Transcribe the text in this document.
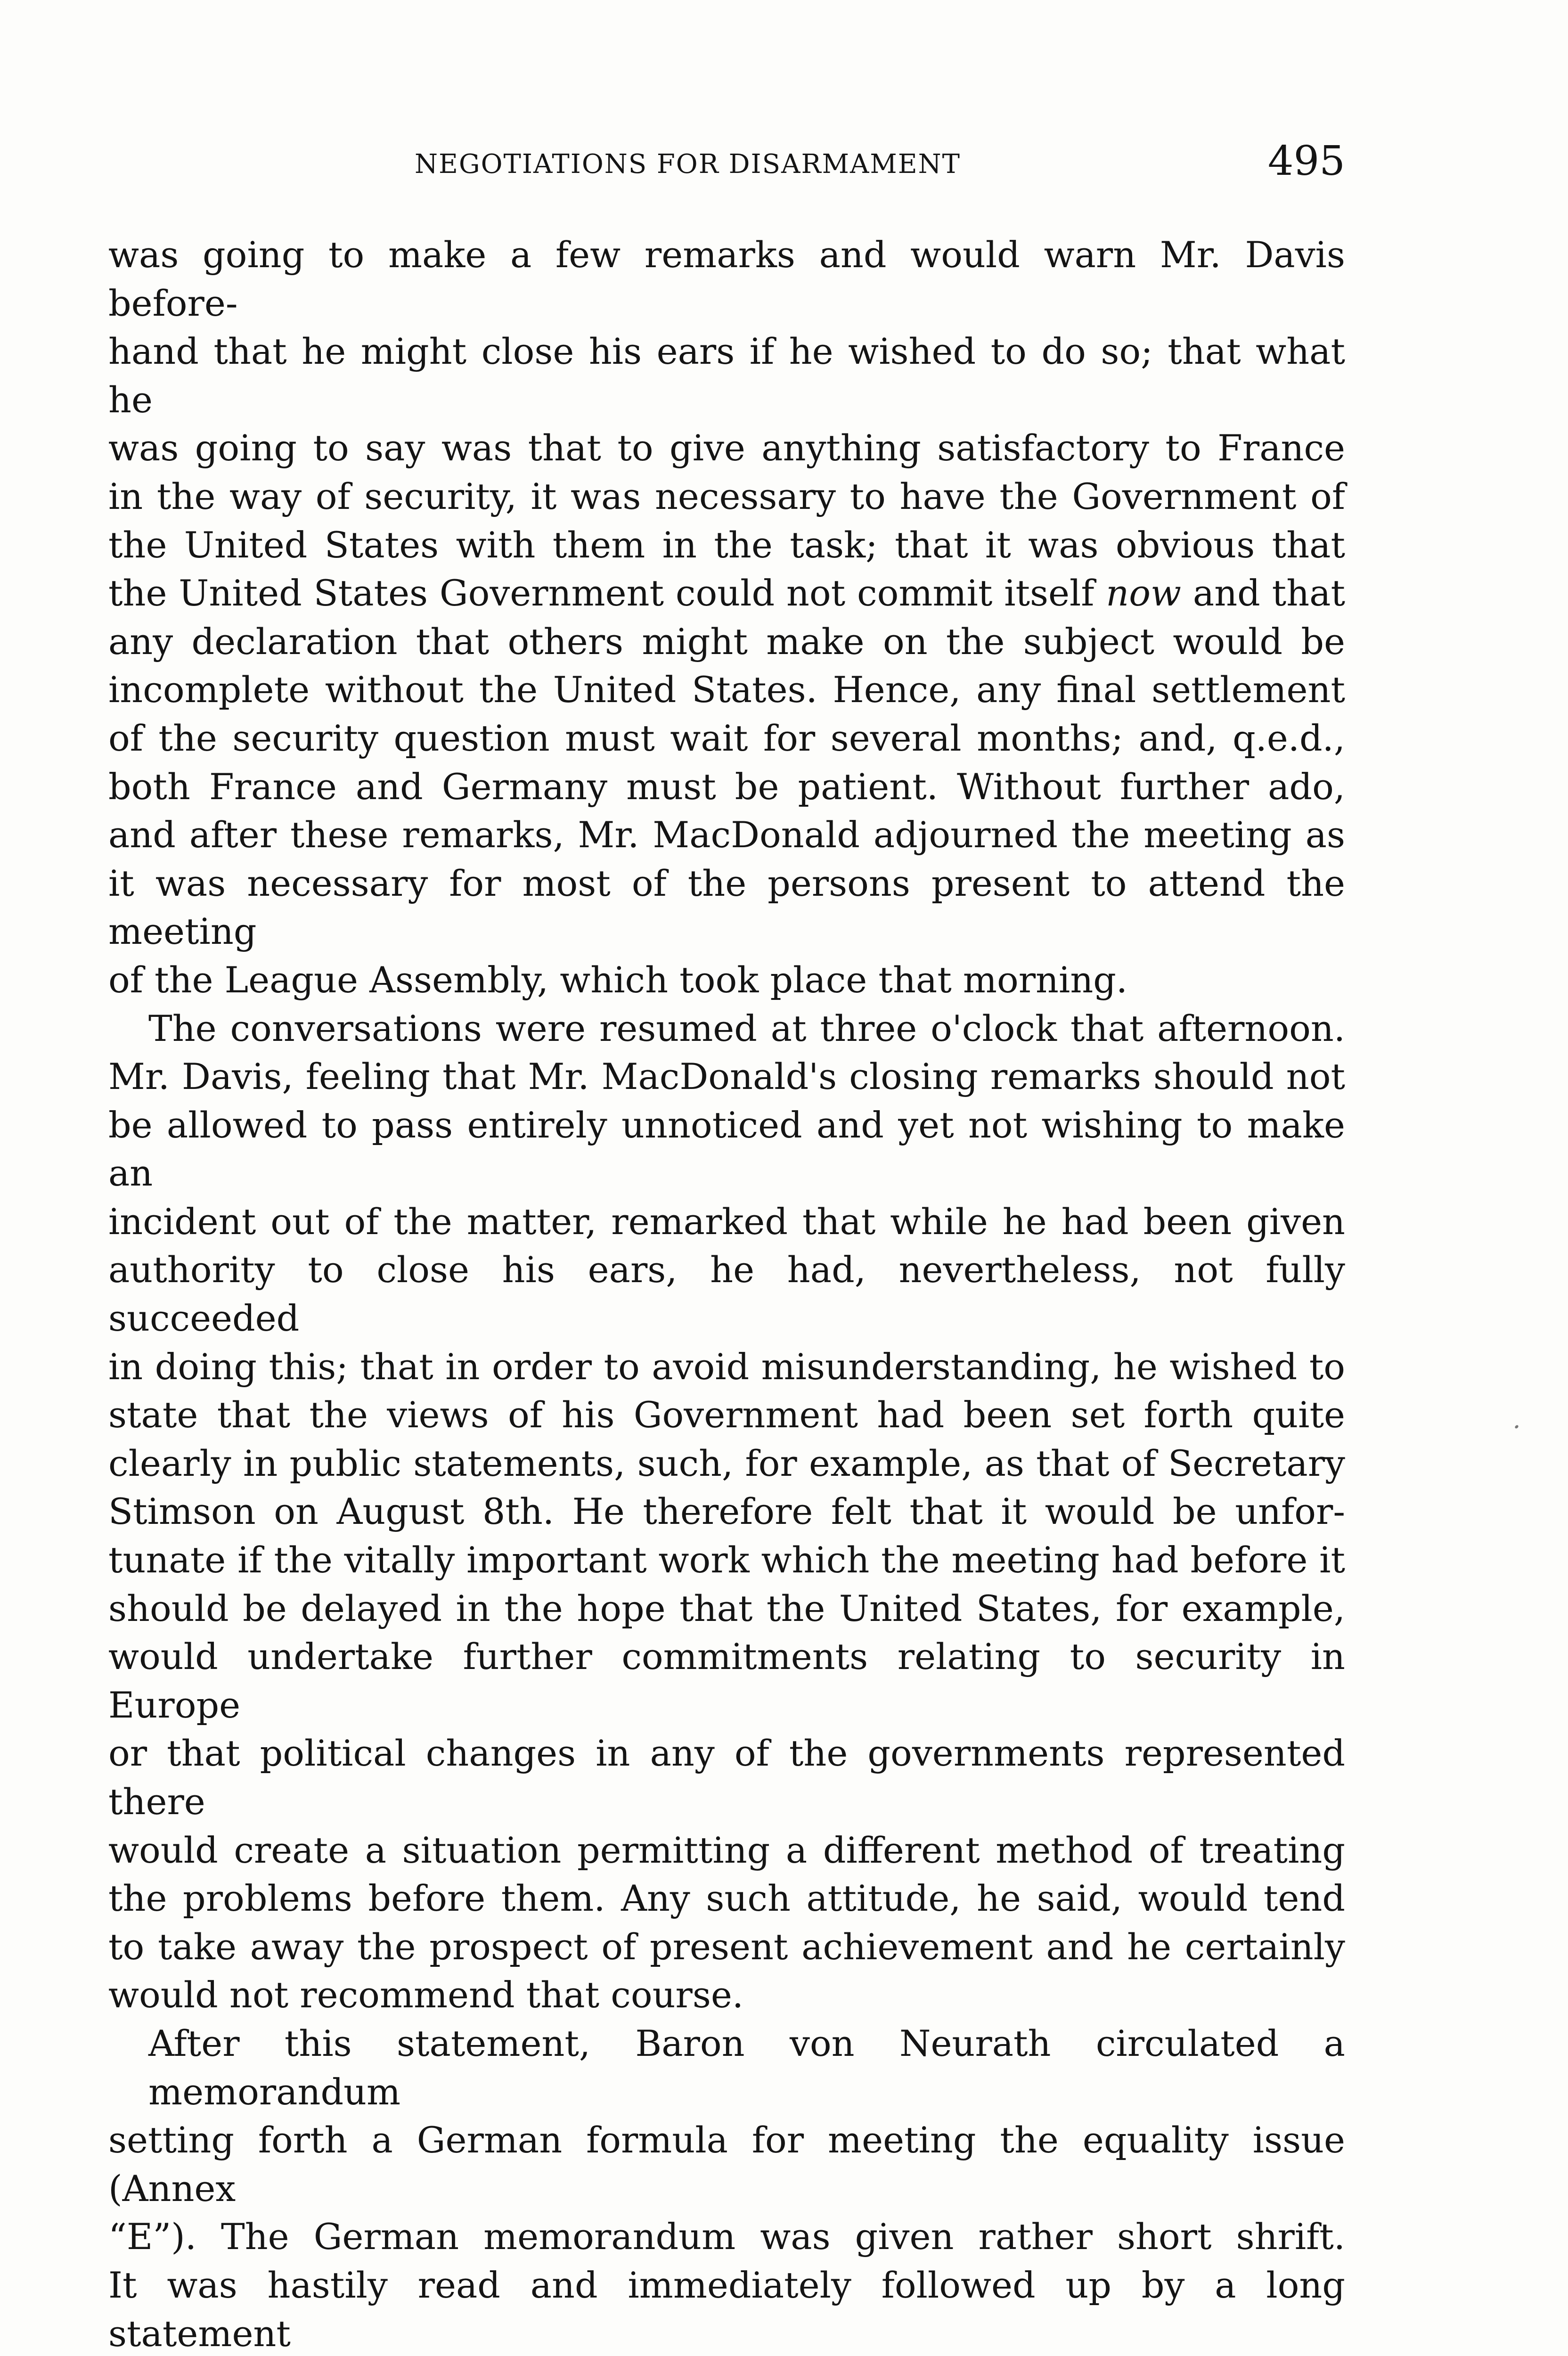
NEGOTIATIONS FOR DISARMAMENT	495
was going to make a few remarks and would warn Mr. Davis before-
hand that he might close his ears if he wished to do so; that what he
was going to say was that to give anything satisfactory to France
in the way of security, it was necessary to have the Government of
the United States with them in the task; that it was obvious that
the United States Government could not commit itself now and that
any declaration that others might make on the subject would be
incomplete without the United States. Hence, any final settlement
of the security question must wait for several months; and, q.e.d.,
both France and Germany must be patient. Without further ado,
and after these remarks, Mr. MacDonald adjourned the meeting as
it was necessary for most of the persons present to attend the meeting
of the League Assembly, which took place that morning.
The conversations were resumed at three o'clock that afternoon.
Mr. Davis, feeling that Mr. MacDonald's closing remarks should not
be allowed to pass entirely unnoticed and yet not wishing to make an
incident out of the matter, remarked that while he had been given
authority to close his ears, he had, nevertheless, not fully succeeded
in doing this; that in order to avoid misunderstanding, he wished to
state that the views of his Government had been set forth quite
clearly in public statements, such, for example, as that of Secretary
Stimson on August 8th. He therefore felt that it would be unfor-
tunate if the vitally important work which the meeting had before it
should be delayed in the hope that the United States, for example,
would undertake further commitments relating to security in Europe
or that political changes in any of the governments represented there
would create a situation permitting a different method of treating
the problems before them. Any such attitude, he said, would tend
to take away the prospect of present achievement and he certainly
would not recommend that course.
After this statement, Baron von Neurath circulated a memorandum
setting forth a German formula for meeting the equality issue (Annex
“E”). The German memorandum was given rather short shrift.
It was hastily read and immediately followed up by a long statement
